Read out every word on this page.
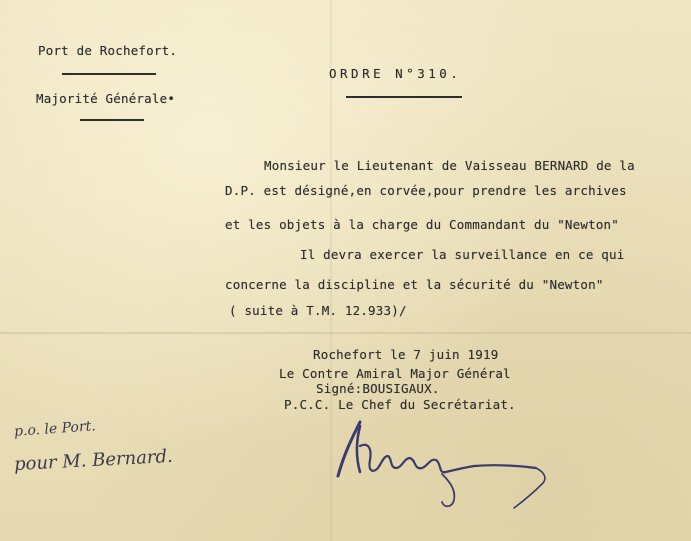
Port de Rochefort.
Majorité Générale•
ORDRE N°310.
Monsieur le Lieutenant de Vaisseau BERNARD de la
D.P. est désigné,en corvée,pour prendre les archives
et les objets à la charge du Commandant du "Newton"
Il devra exercer la surveillance en ce qui
concerne la discipline et la sécurité du "Newton"
( suite à T.M. 12.933)/
Rochefort le 7 juin 1919
Le Contre Amiral Major Général
Signé:BOUSIGAUX.
P.C.C. Le Chef du Secrétariat.
p.o. le Port.
pour M. Bernard.
